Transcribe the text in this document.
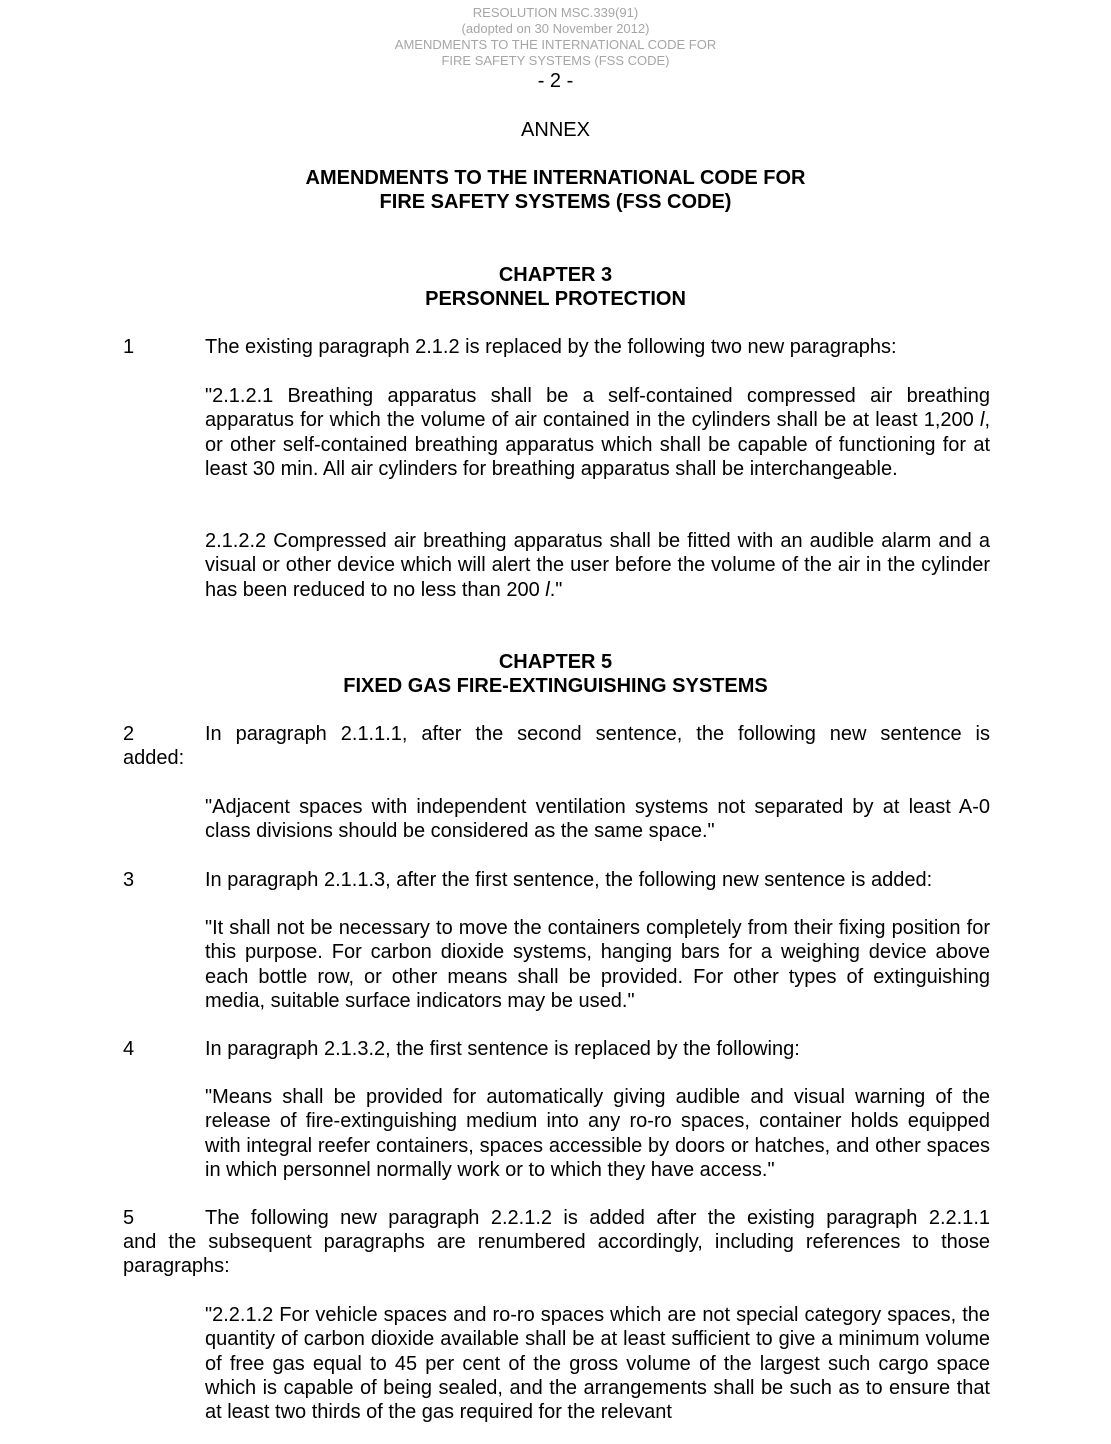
RESOLUTION MSC.339(91)
(adopted on 30 November 2012)
AMENDMENTS TO THE INTERNATIONAL CODE FOR
FIRE SAFETY SYSTEMS (FSS CODE)
- 2 -
ANNEX
AMENDMENTS TO THE INTERNATIONAL CODE FOR
FIRE SAFETY SYSTEMS (FSS CODE)
CHAPTER 3
PERSONNEL PROTECTION
1	The existing paragraph 2.1.2 is replaced by the following two new paragraphs:
"2.1.2.1 Breathing apparatus shall be a self-contained compressed air breathing apparatus for which the volume of air contained in the cylinders shall be at least 1,200 l, or other self-contained breathing apparatus which shall be capable of functioning for at least 30 min. All air cylinders for breathing apparatus shall be interchangeable.
2.1.2.2 Compressed air breathing apparatus shall be fitted with an audible alarm and a visual or other device which will alert the user before the volume of the air in the cylinder has been reduced to no less than 200 l."
CHAPTER 5
FIXED GAS FIRE-EXTINGUISHING SYSTEMS
2	In paragraph 2.1.1.1, after the second sentence, the following new sentence is
added:
"Adjacent spaces with independent ventilation systems not separated by at least A-0 class divisions should be considered as the same space."
3	In paragraph 2.1.1.3, after the first sentence, the following new sentence is added:
"It shall not be necessary to move the containers completely from their fixing position for this purpose. For carbon dioxide systems, hanging bars for a weighing device above each bottle row, or other means shall be provided. For other types of extinguishing media, suitable surface indicators may be used."
4	In paragraph 2.1.3.2, the first sentence is replaced by the following:
"Means shall be provided for automatically giving audible and visual warning of the release of fire-extinguishing medium into any ro-ro spaces, container holds equipped with integral reefer containers, spaces accessible by doors or hatches, and other spaces in which personnel normally work or to which they have access."
5	The following new paragraph 2.2.1.2 is added after the existing paragraph 2.2.1.1
and the subsequent paragraphs are renumbered accordingly, including references to those paragraphs:
"2.2.1.2 For vehicle spaces and ro-ro spaces which are not special category spaces, the quantity of carbon dioxide available shall be at least sufficient to give a minimum volume of free gas equal to 45 per cent of the gross volume of the largest such cargo space which is capable of being sealed, and the arrangements shall be such as to ensure that at least two thirds of the gas required for the relevant
